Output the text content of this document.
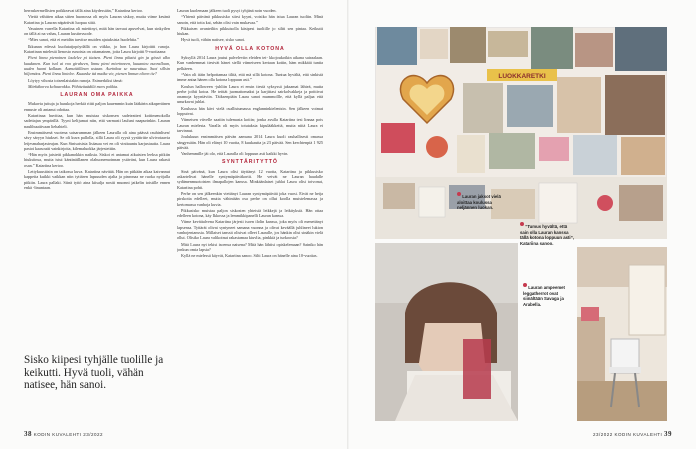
herraskermellisten poikkeavat tällä aina käydessään,” Katariina kertoo.

Viettä vähitten aikaa sitten huonossa oli myös Lauran siskoy, mutta viime kesänä Katariina ja Lauran näpärtivät luopua siitä.

Vasuinen varrella Katariina oli miettinyt, mitä hän tarvaat apuvelvat, kun sinkyilen on tällä ai na vahas, Lauran kustinvuode.

“Mies sanoi, että ei meidän tarvitse muiden ajatuksista huolehtia.”

Ikkunan edessä kuolutatjopöydällä on viikko, jo hon Laura kirjoittti runoja. Katariinan mielestä lienosto runoista on ottamainen, joita Laura kirjoitti 9-vuotiaana:

Pieni linnu pienoinen laulelee pi tiaisen. Pieni linnu pikaisi gin ja gössö ulko kuudanen. Kun isol ai voo giraheen, linnu pieni mierinneen, kuuanteu nuorallaan, uuden huoni kallaan. Aamuiäillinen ustaan. Aurinkoa se nauruttua. Suoi sillsin hiljemäos. Pieni linnu lintelee. Kuaaske ttä maika vie, pienen linnun elteen tie?

Löytyy vihosta toisenlaisiakin runoja. Esimerkiksi tämä:

Märkäkorvu keltaavokku. Pöhtteäaädilä mees pokkia.

LAURAN OMA PAIKKA

Mukavia juttuja ja haaskoja herkiä riitti paljon kauemmin kuin lääkärin aikaperäinen ennuste oli antanut odottaa.

Katariinaa huvittaa, kun hän muistaa siskonsen sadeteatteri koitimenokolla sadettajan ympärillä. Tyyni kelijumat niin, että varmasti lauluni naapurinkin. Lauran naulihuutiivaan liehahteli.

Ensimmäisenä vuotena satsarumman jälkeen Lauralla oli aina päässä rauhinlisen/ sävy säryyn hiukset. Se oli kuva pallolla, sillä Laura oli ryysä yyrättritte ulvivotaavia leijesmaharjasteajan. Kun Sinisatsista lisäasaa vei en oli vinitauntu karjustautta. Laura pastoi kaasoutti vainkirjoita, kilemaluokka järjestettiin.

“Hän myös jaistetti pikkanokkin naiksia. Siskoi et antamat aikuisten leeksa pitkiin hiuksiinsa, mutta istui käntinäillanen olahuonemoinnan ystäväni, kun Laura rakasti osan.” Katariina kertoo.

Lettykuustäsin on taikossa kuva. Katariina nävttää. Hän on pitkään aikaa kaivannut kappeita kuikki vaikkan niin tyttären lapsuuden ajalta ja pinronaa ne ruoka nyöjalla pitkiin. Laura pallaki. Siinä tyttö aina kiisalja nostti muonni jatkelin toistille ennen enkä -linuntaan.

Lauran kuolemaan jälkeen tuoli pysyi tyhjänä noin vuoden.

“Yhtenä päivänä pikkusisko siirsi kyyni, voisiko hän istua Lauran tuoliin. Minä sanoin, että totta kai, sehän olisi vain mukavaa.”

Pikkuisen avanteiliin pikkuisolla käsipesi tuoliille jo siltti sen pintaa. Keikutti hiukan.

Hyvä tuoli, vähän natisee, sisko sanoi.

HYVÄ OLLA KOTONA

Syksyllä 2014 Laura joutui palveleviin eleiden tei- kkojoukoikin aikana sairaalaan. Kun vanhemmat tiesivät hänet siellä viimeiseen kertaan kotiin, häm mikkäiä tuntia pelkäeen.

“Vain oli itäin helpottamaa tilitä, että mä sillä kotona. Tuntua hyvältä, että sinkistä imme antaa hänen olla kotona loppuun asti.”

Koulun halloween -juhliin Laura ei ensin tiestä syksyssä jaksamat lähteä, mutta perhe joihti kotoa. He teittät juomattomaksi ja karjittasi sairkolvakkeja ja poittivat onamoja kyyntäviin. Täiksenpiäin Laura sanoi mummollle, että kyllä paljaa että unurkavat juhlat.

Koulussa hän kävi vielä osallistumassa englanninkielentsin. Sen jälkeen voimat loppuivat.

Viimeisen viivelle saatiin tulemasta kotiin; jonka avulla Katariina tesi linnaa pois Lauran mielesta. Varalla oli myös totutaksia kipulääkkeitä, mutta niitä Laura ei tarvinnut.

Joulukuun ensimmäisen päivän aamuna 2014 Laura kuoli rauhallisesti omassa sängyssään. Hän oli elänyt 10 vuotta, 8 kuukautta ja 23 päivää. Sen kerchtenpiä 1 925 päivää.

Vanhemmille jäi olo, että Lauralla oli loppuun asti kaikki hyvin.

SYNTTÄRITYTTÖ

Sinä päivänä, kun Laura olisi täyttänyt 12 vuotta, Katariina ja pikkusisko askartelivat hänelle syntymäpäiväkortit. He veivät ne Lauran haudalle sydämenmuotoisten ilmapallojen kanssa. Minkäänlaiset juhlat Laura olisi toivonut, Katariina pohti.

Perhe on sen jälkeenkin viettänyt Lauran syntymäpäivää joka vuosi. Eivät ne heija pirskotta edelleet, mutta vähintään osa perhe on ollut koolla muistelemassa ja kertomassa vanhoja kuvia.

Pikkusisko muistaa paljon siskosten yhteisiä leikkejä ja leikityksiä. Hän ottaa edelleen kotona, käy Ikkossa ja lemmikkipanelli Lauran kanssa.

Viime kevättalvena Katariina järjesti isoen ilolin kanssa, joka myös oli menettänyt lapsensa. Tyttärät olivat syntyneet samana vuonna ja olivat keväällä juhlineet lukion vanhojentanssia. Millaiset tanssit olisivat olleet Lauralle, jos hänkin olisi sinäkin vielä ollut. Olisiko Laura valikoinut rakastamaa kiuvlia, pinkkiä ja turkoosia?

Mitä Laura nyt tekisi isoensa naisena? Mitä hän lähtisi opiskelemaan? Sainiko hän jonkun omia lapsia?

Kyllä ne mielessä käyvät, Katariina sanoo. Silti Laura on hänelle aina 10-vuotias.

Sisko kiipesi tyhjälle tuolille ja keikutti. Hyvä tuoli, vähän natisee, hän sanoi.
38 KODIN KUVALEHTI 23/2022
LUOKKARETKI
Lauran jaksot vielä aloittaa koulussa neljännen luokan.
“Tumus hyvältä, että sain olla Lauran kanssa tällä kotona loppuun asti”, Katariina sanoo.
Lauran ampeemet leggatherrot ovat siinältään Savaga ja Arabella.
23/2022 KODIN KUVALEHTI 39
